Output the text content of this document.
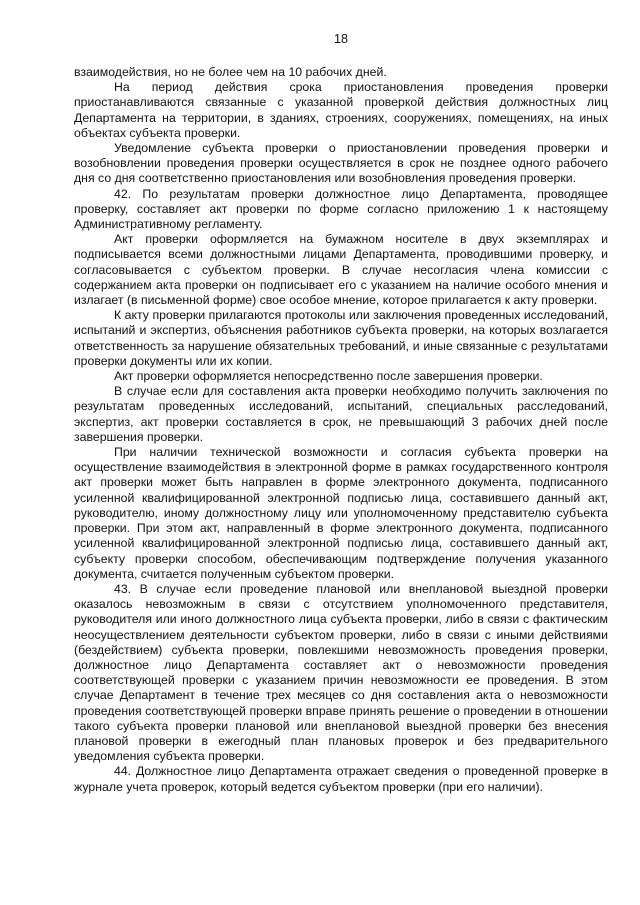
18

взаимодействия, но не более чем на 10 рабочих дней.

На период действия срока приостановления проведения проверки приостанавливаются связанные с указанной проверкой действия должностных лиц Департамента на территории, в зданиях, строениях, сооружениях, помещениях, на иных объектах субъекта проверки.

Уведомление субъекта проверки о приостановлении проведения проверки и возобновлении проведения проверки осуществляется в срок не позднее одного рабочего дня со дня соответственно приостановления или возобновления проведения проверки.

42. По результатам проверки должностное лицо Департамента, проводящее проверку, составляет акт проверки по форме согласно приложению 1 к настоящему Административному регламенту.

Акт проверки оформляется на бумажном носителе в двух экземплярах и подписывается всеми должностными лицами Департамента, проводившими проверку, и согласовывается с субъектом проверки. В случае несогласия члена комиссии с содержанием акта проверки он подписывает его с указанием на наличие особого мнения и излагает (в письменной форме) свое особое мнение, которое прилагается к акту проверки.

К акту проверки прилагаются протоколы или заключения проведенных исследований, испытаний и экспертиз, объяснения работников субъекта проверки, на которых возлагается ответственность за нарушение обязательных требований, и иные связанные с результатами проверки документы или их копии.

Акт проверки оформляется непосредственно после завершения проверки.

В случае если для составления акта проверки необходимо получить заключения по результатам проведенных исследований, испытаний, специальных расследований, экспертиз, акт проверки составляется в срок, не превышающий 3 рабочих дней после завершения проверки.

При наличии технической возможности и согласия субъекта проверки на осуществление взаимодействия в электронной форме в рамках государственного контроля акт проверки может быть направлен в форме электронного документа, подписанного усиленной квалифицированной электронной подписью лица, составившего данный акт, руководителю, иному должностному лицу или уполномоченному представителю субъекта проверки. При этом акт, направленный в форме электронного документа, подписанного усиленной квалифицированной электронной подписью лица, составившего данный акт, субъекту проверки способом, обеспечивающим подтверждение получения указанного документа, считается полученным субъектом проверки.

43. В случае если проведение плановой или внеплановой выездной проверки оказалось невозможным в связи с отсутствием уполномоченного представителя, руководителя или иного должностного лица субъекта проверки, либо в связи с фактическим неосуществлением деятельности субъектом проверки, либо в связи с иными действиями (бездействием) субъекта проверки, повлекшими невозможность проведения проверки, должностное лицо Департамента составляет акт о невозможности проведения соответствующей проверки с указанием причин невозможности ее проведения. В этом случае Департамент в течение трех месяцев со дня составления акта о невозможности проведения соответствующей проверки вправе принять решение о проведении в отношении такого субъекта проверки плановой или внеплановой выездной проверки без внесения плановой проверки в ежегодный план плановых проверок и без предварительного уведомления субъекта проверки.

44. Должностное лицо Департамента отражает сведения о проведенной проверке в журнале учета проверок, который ведется субъектом проверки (при его наличии).
